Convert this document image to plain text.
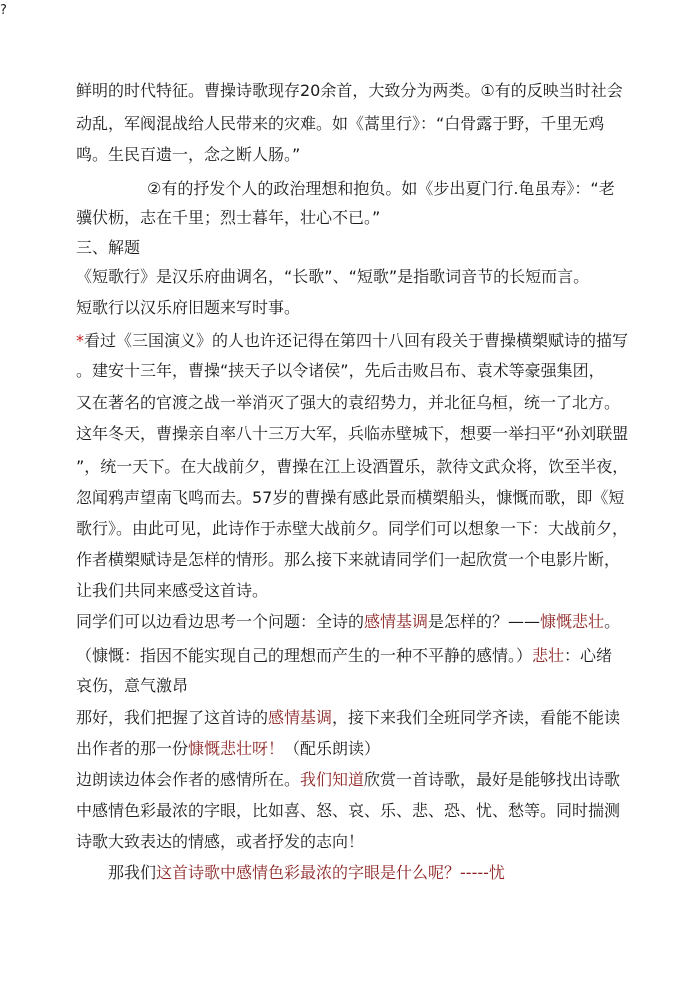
?
鲜明的时代特征。曹操诗歌现存20余首，大致分为两类。①有的反映当时社会
动乱，军阀混战给人民带来的灾难。如《蒿里行》：“白骨露于野，千里无鸡
鸣。生民百遗一，念之断人肠。”
②有的抒发个人的政治理想和抱负。如《步出夏门行.龟虽寿》：“老
骥伏枥，志在千里；烈士暮年，壮心不已。”
三、解题
《短歌行》是汉乐府曲调名，“长歌”、“短歌”是指歌词音节的长短而言。
短歌行以汉乐府旧题来写时事。
*看过《三国演义》的人也许还记得在第四十八回有段关于曹操横槊赋诗的描写
。建安十三年，曹操“挟天子以令诸侯”，先后击败吕布、袁术等豪强集团，
又在著名的官渡之战一举消灭了强大的袁绍势力，并北征乌桓，统一了北方。
这年冬天，曹操亲自率八十三万大军，兵临赤壁城下，想要一举扫平“孙刘联盟
”，统一天下。在大战前夕，曹操在江上设酒置乐，款待文武众将，饮至半夜，
忽闻鸦声望南飞鸣而去。57岁的曹操有感此景而横槊船头，慷慨而歌，即《短
歌行》。由此可见，此诗作于赤壁大战前夕。同学们可以想象一下：大战前夕，
作者横槊赋诗是怎样的情形。那么接下来就请同学们一起欣赏一个电影片断，
让我们共同来感受这首诗。
同学们可以边看边思考一个问题：全诗的感情基调是怎样的？——慷慨悲壮。
（慷慨：指因不能实现自己的理想而产生的一种不平静的感情。）悲壮：心绪
哀伤，意气激昂
那好，我们把握了这首诗的感情基调，接下来我们全班同学齐读，看能不能读
出作者的那一份慷慨悲壮呀！（配乐朗读）
边朗读边体会作者的感情所在。我们知道欣赏一首诗歌，最好是能够找出诗歌
中感情色彩最浓的字眼，比如喜、怒、哀、乐、悲、恐、忧、愁等。同时揣测
诗歌大致表达的情感，或者抒发的志向！
那我们这首诗歌中感情色彩最浓的字眼是什么呢？-----忧
